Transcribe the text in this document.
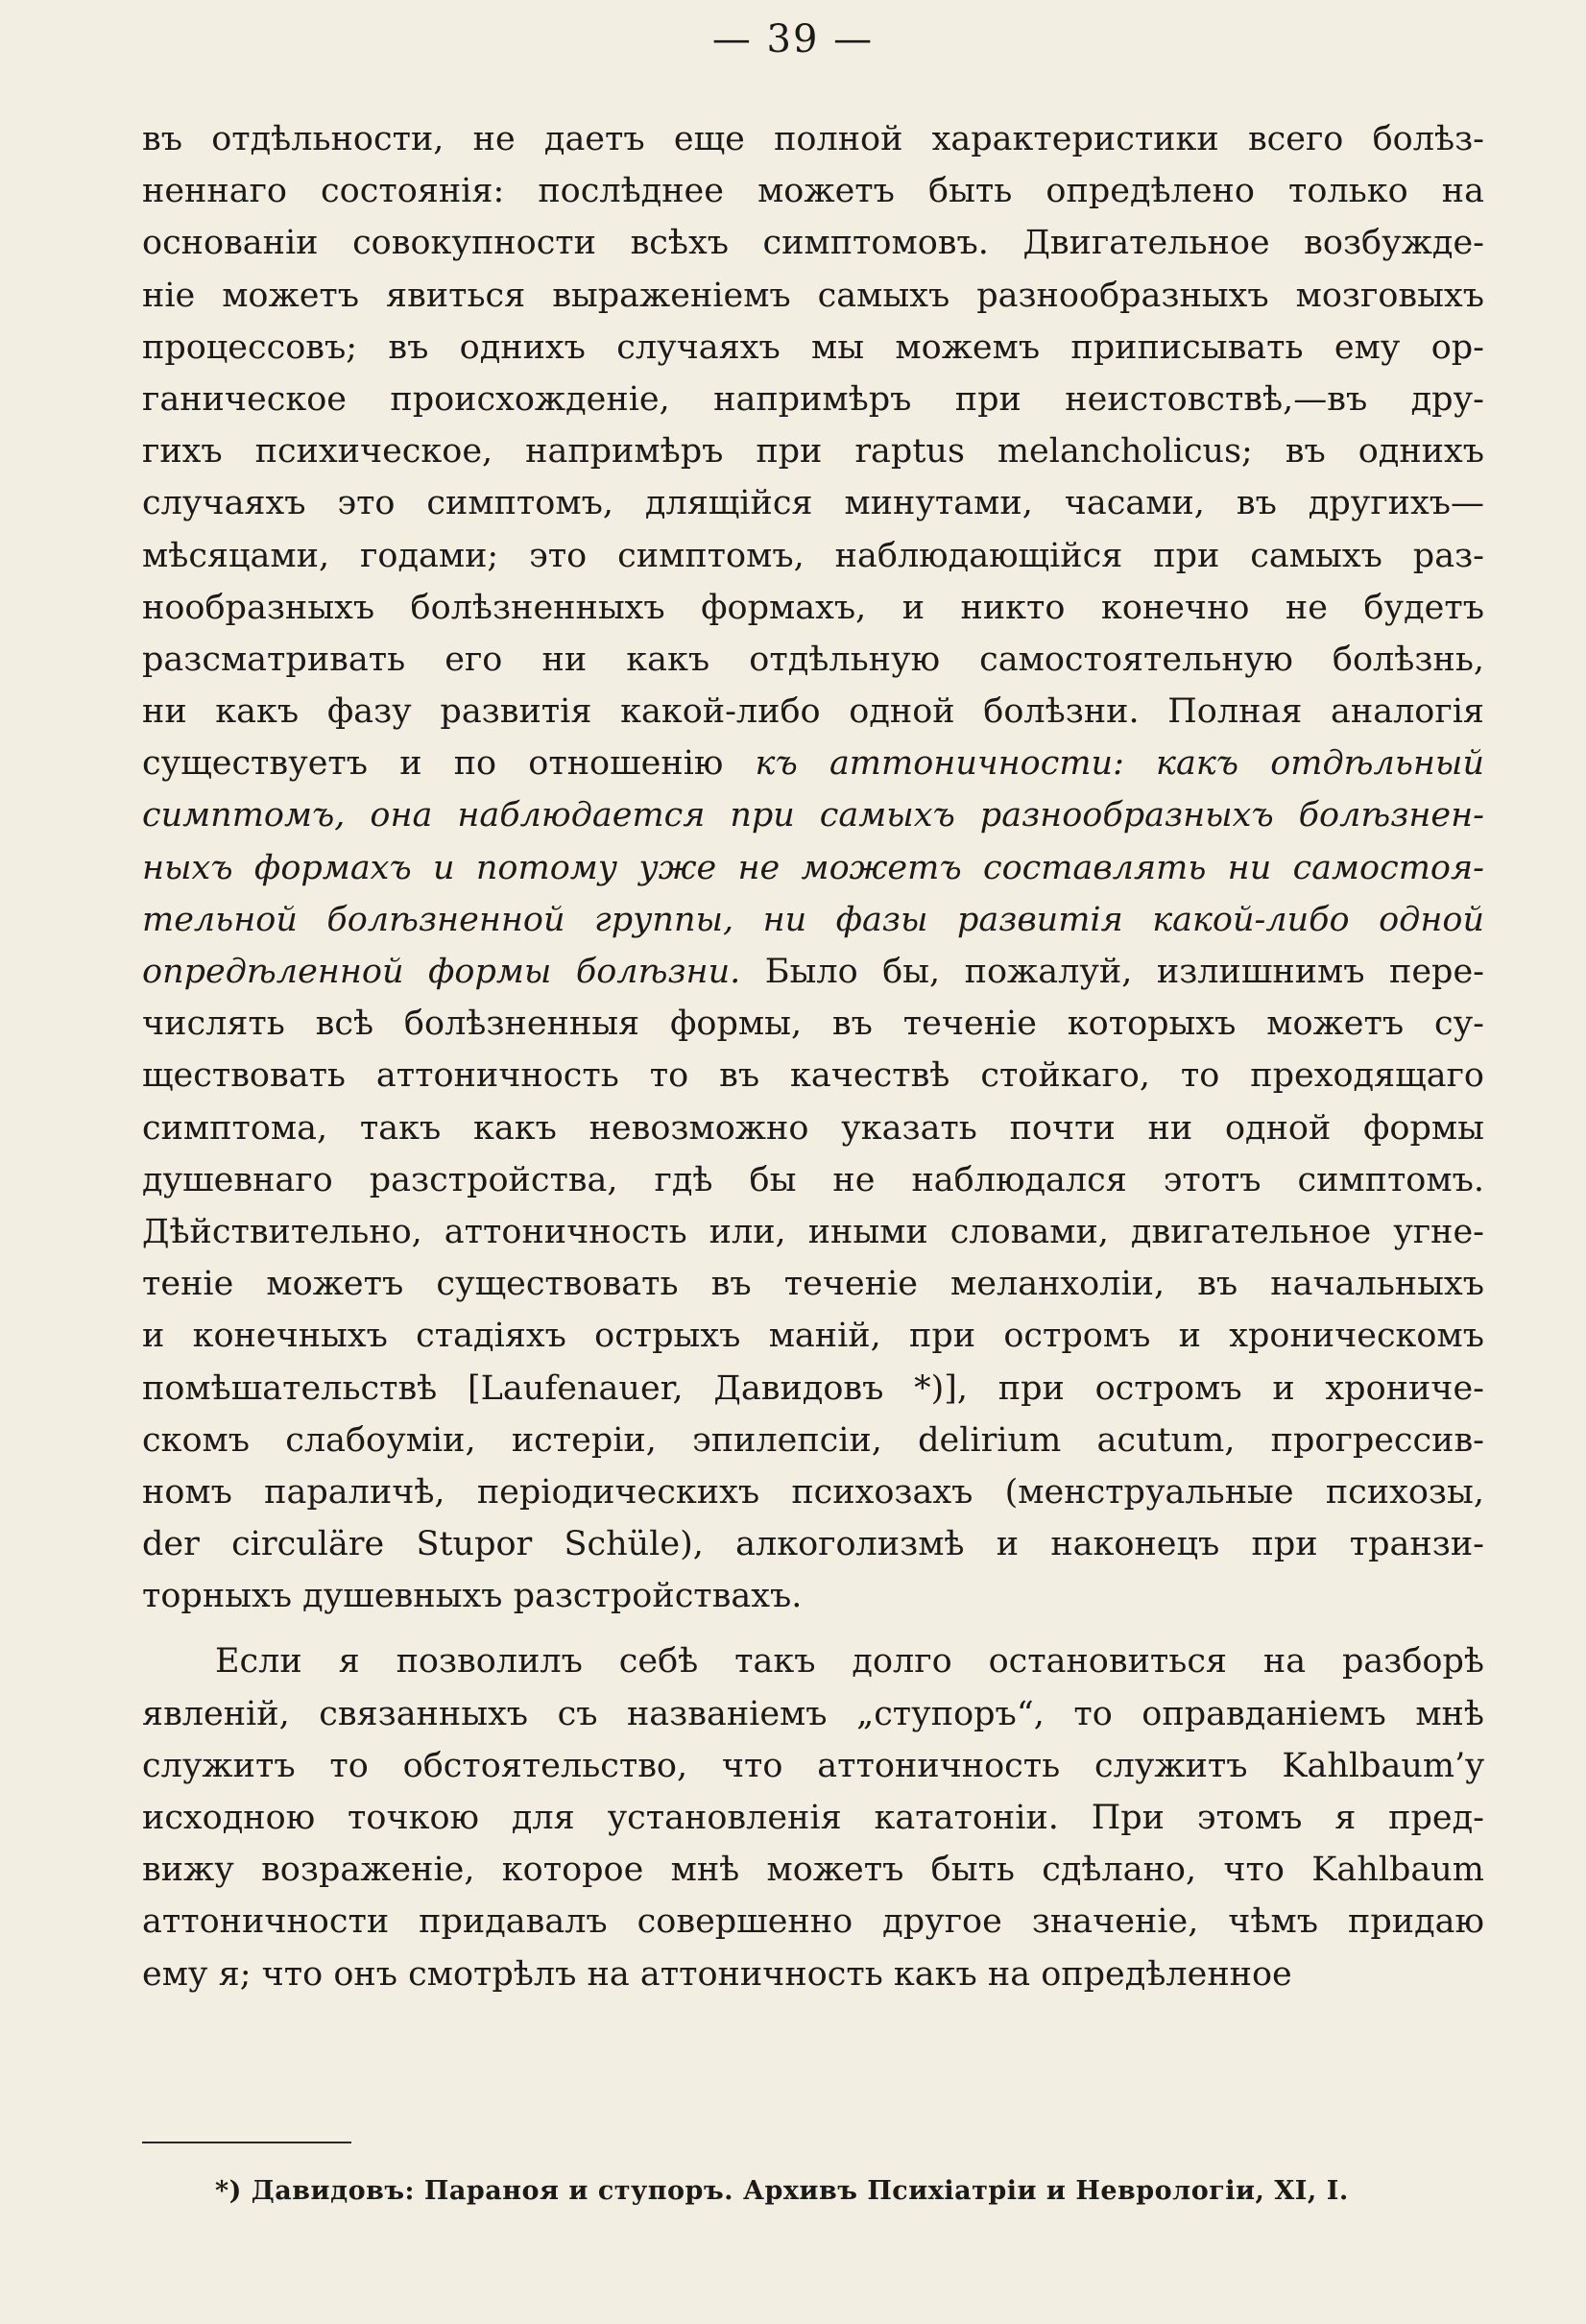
— 39 —
въ отдѣльности, не даетъ еще полной характеристики всего болѣз-
неннаго состоянія: послѣднее можетъ быть опредѣлено только на
основаніи совокупности всѣхъ симптомовъ. Двигательное возбужде-
ніе можетъ явиться выраженіемъ самыхъ разнообразныхъ мозговыхъ
процессовъ; въ однихъ случаяхъ мы можемъ приписывать ему ор-
ганическое происхожденіе, напримѣръ при неистовствѣ,—въ дру-
гихъ психическое, напримѣръ при raptus melancholicus; въ однихъ
случаяхъ это симптомъ, длящійся минутами, часами, въ другихъ—
мѣсяцами, годами; это симптомъ, наблюдающійся при самыхъ раз-
нообразныхъ болѣзненныхъ формахъ, и никто конечно не будетъ
разсматривать его ни какъ отдѣльную самостоятельную болѣзнь,
ни какъ фазу развитія какой-либо одной болѣзни. Полная аналогія
существуетъ и по отношенію къ аттоничности: какъ отдѣльный
симптомъ, она наблюдается при самыхъ разнообразныхъ болѣзнен-
ныхъ формахъ и потому уже не можетъ составлять ни самостоя-
тельной болѣзненной группы, ни фазы развитія какой-либо одной
опредѣленной формы болѣзни. Было бы, пожалуй, излишнимъ пере-
числять всѣ болѣзненныя формы, въ теченіе которыхъ можетъ су-
ществовать аттоничность то въ качествѣ стойкаго, то преходящаго
симптома, такъ какъ невозможно указать почти ни одной формы
душевнаго разстройства, гдѣ бы не наблюдался этотъ симптомъ.
Дѣйствительно, аттоничность или, иными словами, двигательное угне-
теніе можетъ существовать въ теченіе меланхоліи, въ начальныхъ
и конечныхъ стадіяхъ острыхъ маній, при остромъ и хроническомъ
помѣшательствѣ [Laufenauer, Давидовъ *)], при остромъ и хрониче-
скомъ слабоуміи, истеріи, эпилепсіи, delirium acutum, прогрессив-
номъ параличѣ, періодическихъ психозахъ (менструальные психозы,
der circuläre Stupor Schüle), алкоголизмѣ и наконецъ при транзи-
торныхъ душевныхъ разстройствахъ.
Если я позволилъ себѣ такъ долго остановиться на разборѣ
явленій, связанныхъ съ названіемъ „ступоръ“, то оправданіемъ мнѣ
служитъ то обстоятельство, что аттоничность служитъ Kahlbaum’y
исходною точкою для установленія кататоніи. При этомъ я пред-
вижу возраженіе, которое мнѣ можетъ быть сдѣлано, что Kahlbaum
аттоничности придавалъ совершенно другое значеніе, чѣмъ придаю
ему я; что онъ смотрѣлъ на аттоничность какъ на опредѣленное
*) Давидовъ: Параноя и ступоръ. Архивъ Психіатріи и Неврологіи, XI, I.
